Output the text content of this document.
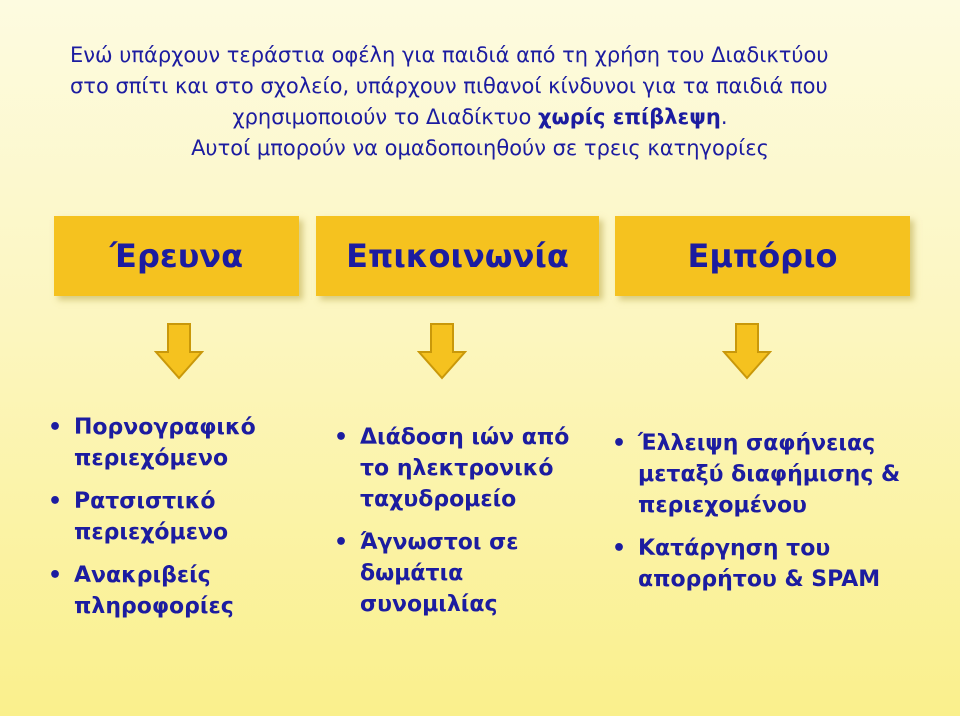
Ενώ υπάρχουν τεράστια οφέλη για παιδιά από τη χρήση του Διαδικτύου
στο σπίτι και στο σχολείο, υπάρχουν πιθανοί κίνδυνοι για τα παιδιά που
χρησιμοποιούν το Διαδίκτυο χωρίς επίβλεψη.
Αυτοί μπορούν να ομαδοποιηθούν σε τρεις κατηγορίες
Έρευνα	Επικοινωνία	Εμπόριο
• Πορνογραφικό περιεχόμενο
• Ρατσιστικό περιεχόμενο
• Ανακριβείς πληροφορίες
• Διάδοση ιών από το ηλεκτρονικό ταχυδρομείο
• Άγνωστοι σε δωμάτια συνομιλίας
• Έλλειψη σαφήνειας μεταξύ διαφήμισης & περιεχομένου
• Κατάργηση του απορρήτου & SPAM
